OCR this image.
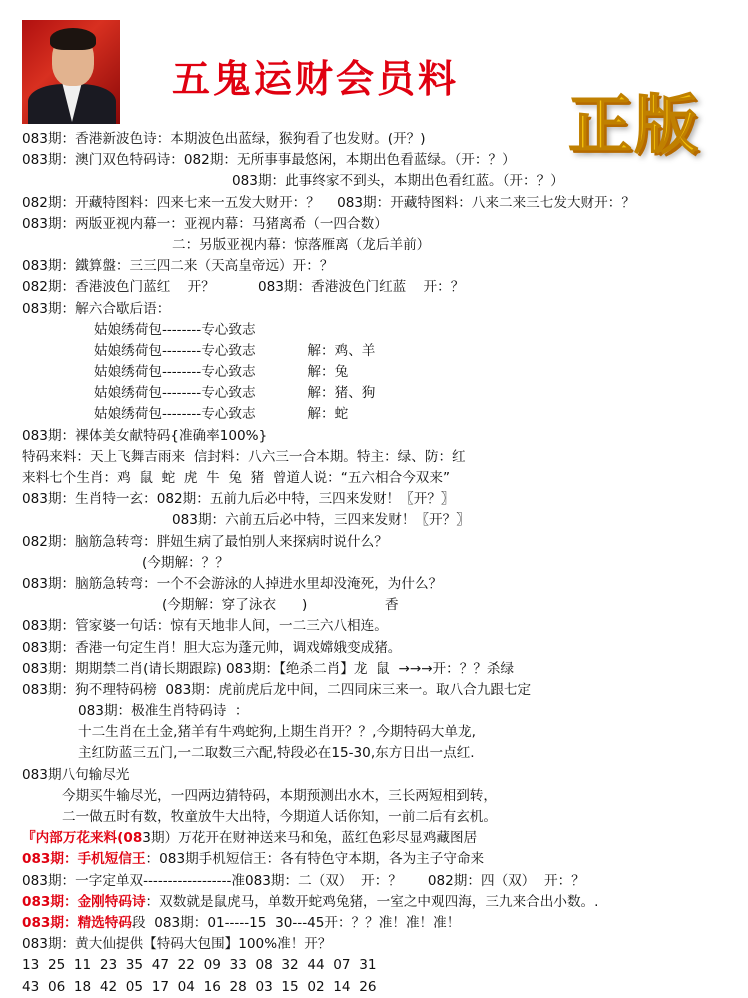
五鬼运财会员料
正版
083期：香港新波色诗：本期波色出蓝绿，猴狗看了也发财。(开？)
083期：澳门双色特码诗：082期：无所事事最悠闲，本期出色看蓝绿。（开：？）
083期：此事终家不到头，本期出色看红蓝。（开：？）
082期：开藏特图料：四来七来一五发大财开：？    083期：开藏特图料：八来二来三七发大财开：？
083期：两版亚视内幕一：亚视内幕：马猪离希（一四合数）
二：另版亚视内幕：惊落雁离（龙后羊前）
083期：鐵算盤：三三四二来（天高皇帝远）开：？
082期：香港波色门蓝红    开？          083期：香港波色门红蓝    开：？
083期：解六合歇后语：
姑娘绣荷包--------专心致志
姑娘绣荷包--------专心致志            解：鸡、羊
姑娘绣荷包--------专心致志            解：兔
姑娘绣荷包--------专心致志            解：猪、狗
姑娘绣荷包--------专心致志            解：蛇
083期：裸体美女献特码{准确率100%}
特码来料：天上飞舞吉雨来  信封料：八六三一合本期。特主：绿、防：红
来料七个生肖：鸡  鼠  蛇  虎  牛  兔  猪  曾道人说：“五六相合今双来”
083期：生肖特一玄：082期：五前九后必中特，三四来发财！〖开？〗
083期：六前五后必中特，三四来发财！〖开？〗
082期：脑筋急转弯：胖妞生病了最怕别人来探病时说什么？
(今期解：？？
083期：脑筋急转弯：一个不会游泳的人掉进水里却没淹死，为什么？
(今期解：穿了泳衣      )                  香
083期：管家婆一句话：惊有天地非人间，一二三六八相连。
083期：香港一句定生肖！胆大忘为蓬元帅，调戏嫦娥变成猪。
083期：期期禁二肖(请长期跟踪) 083期：【绝杀二肖】龙  鼠  →→→开：？？杀绿
083期：狗不理特码榜  083期：虎前虎后龙中间，二四同床三来一。取八合九跟七定
083期：极准生肖特码诗  ：
十二生肖在土金,猪羊有牛鸡蛇狗,上期生肖开？？,今期特码大单龙,
主红防蓝三五门,一二取数三六配,特段必在15-30,东方日出一点红.
083期八句输尽光
今期买牛输尽光，一四两边猜特码，本期预测出水木，三长两短相到转，
二一做五时有数，牧童放牛大出特，今期道人话你知，一前二后有玄机。
『内部万花来料(083期）万花开在财神送来马和兔，蓝红色彩尽显鸡藏图居
083期：手机短信王：083期手机短信王：各有特色守本期，各为主子守命来
083期：一字定单双------------------准083期：二（双）  开：？      082期：四（双）  开：？
083期：金刚特码诗：双数就是鼠虎马，单数开蛇鸡兔猪，一室之中观四海，三九来合出小数。.
083期：精选特码段  083期：01-----15  30---45开：？？准！准！准！
083期：黄大仙提供【特码大包围】100%准！开？
13  25  11  23  35  47  22  09  33  08  32  44  07  31
43  06  18  42  05  17  04  16  28  03  15  02  14  26
